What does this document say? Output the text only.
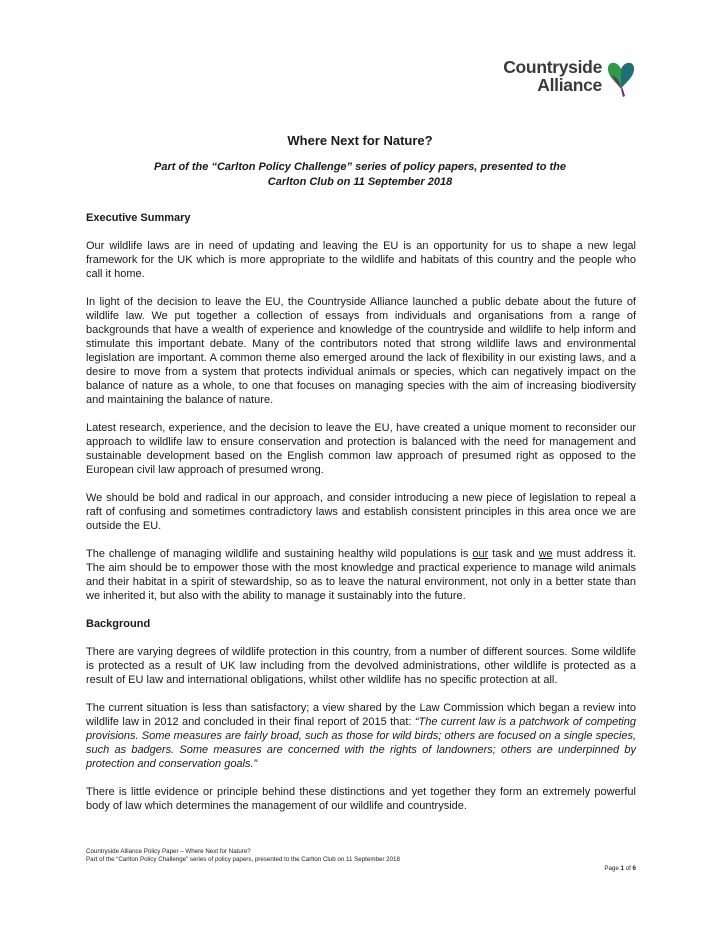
Countryside
Alliance
Where Next for Nature?
Part of the “Carlton Policy Challenge” series of policy papers, presented to the
Carlton Club on 11 September 2018
Executive Summary

Our wildlife laws are in need of updating and leaving the EU is an opportunity for us to shape a new legal framework for the UK which is more appropriate to the wildlife and habitats of this country and the people who call it home.

In light of the decision to leave the EU, the Countryside Alliance launched a public debate about the future of wildlife law. We put together a collection of essays from individuals and organisations from a range of backgrounds that have a wealth of experience and knowledge of the countryside and wildlife to help inform and stimulate this important debate. Many of the contributors noted that strong wildlife laws and environmental legislation are important. A common theme also emerged around the lack of flexibility in our existing laws, and a desire to move from a system that protects individual animals or species, which can negatively impact on the balance of nature as a whole, to one that focuses on managing species with the aim of increasing biodiversity and maintaining the balance of nature.

Latest research, experience, and the decision to leave the EU, have created a unique moment to reconsider our approach to wildlife law to ensure conservation and protection is balanced with the need for management and sustainable development based on the English common law approach of presumed right as opposed to the European civil law approach of presumed wrong.

We should be bold and radical in our approach, and consider introducing a new piece of legislation to repeal a raft of confusing and sometimes contradictory laws and establish consistent principles in this area once we are outside the EU.

The challenge of managing wildlife and sustaining healthy wild populations is our task and we must address it. The aim should be to empower those with the most knowledge and practical experience to manage wild animals and their habitat in a spirit of stewardship, so as to leave the natural environment, not only in a better state than we inherited it, but also with the ability to manage it sustainably into the future.

Background

There are varying degrees of wildlife protection in this country, from a number of different sources. Some wildlife is protected as a result of UK law including from the devolved administrations, other wildlife is protected as a result of EU law and international obligations, whilst other wildlife has no specific protection at all.

The current situation is less than satisfactory; a view shared by the Law Commission which began a review into wildlife law in 2012 and concluded in their final report of 2015 that: “The current law is a patchwork of competing provisions. Some measures are fairly broad, such as those for wild birds; others are focused on a single species, such as badgers. Some measures are concerned with the rights of landowners; others are underpinned by protection and conservation goals.”

There is little evidence or principle behind these distinctions and yet together they form an extremely powerful body of law which determines the management of our wildlife and countryside.

Countryside Alliance Policy Paper – Where Next for Nature?
Part of the “Carlton Policy Challenge” series of policy papers, presented to the Carlton Club on 11 September 2018
Page 1 of 6
